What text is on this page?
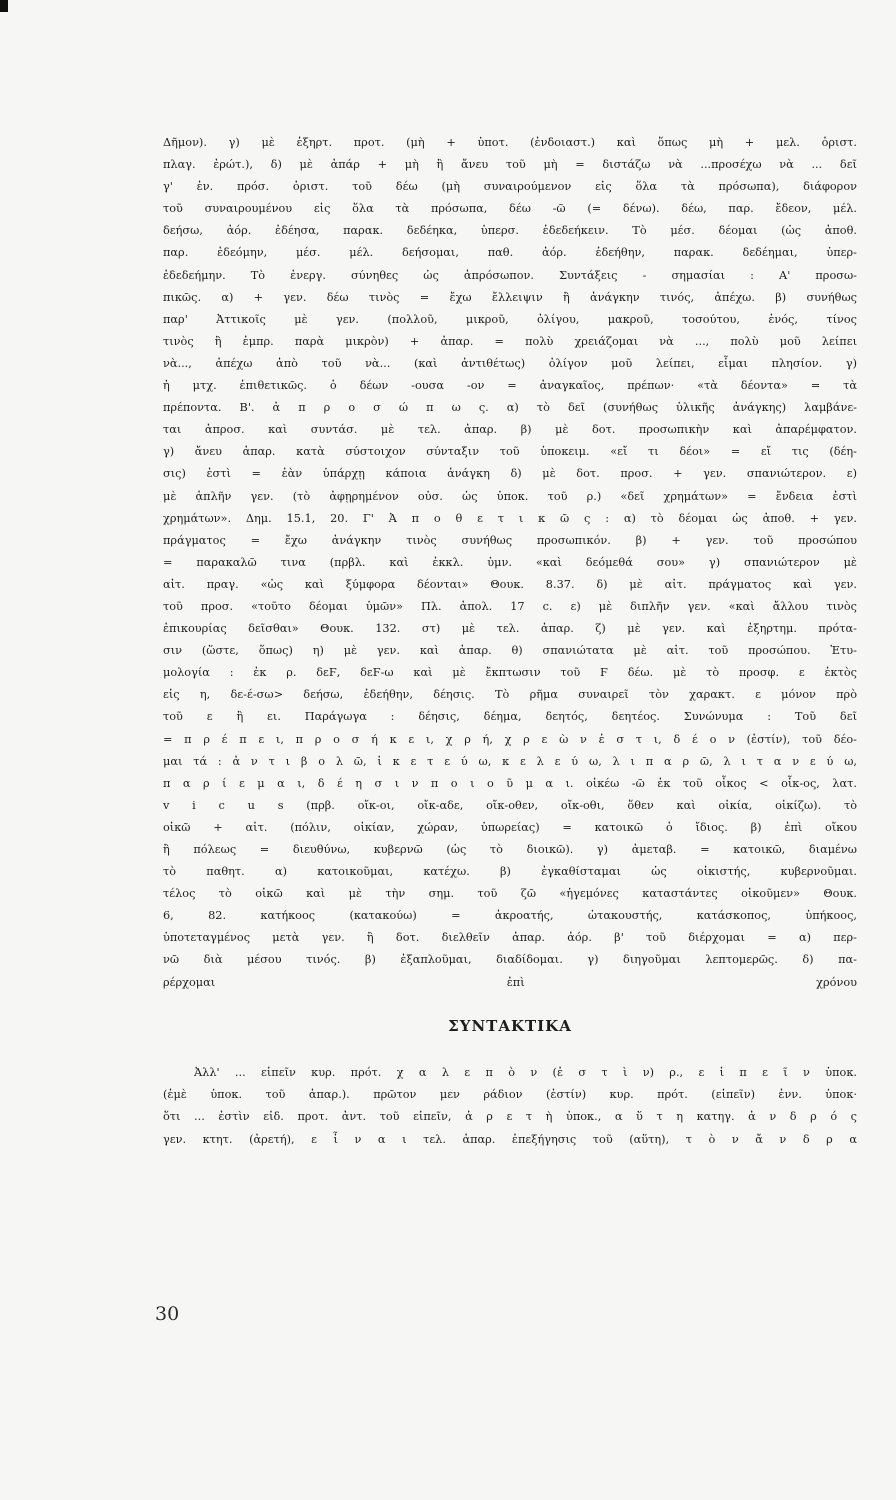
Δῆμον). γ) μὲ ἐξηρτ. προτ. (μὴ + ὑποτ. (ἐνδοιαστ.) καὶ ὅπως μὴ + μελ. ὁριστ.

πλαγ. ἐρώτ.), δ) μὲ ἀπάρ + μὴ ἢ ἄνευ τοῦ μὴ = διστάζω νὰ ...προσέχω νὰ ... δεῖ

γ' ἑν. πρόσ. ὁριστ. τοῦ δέω (μὴ συναιρούμενον εἰς ὅλα τὰ πρόσωπα), διάφορον

τοῦ συναιρουμένου εἰς ὅλα τὰ πρόσωπα, δέω -ῶ (= δένω). δέω, παρ. ἔδεον, μέλ.

δεήσω, ἀόρ. ἐδέησα, παρακ. δεδέηκα, ὑπερσ. ἐδεδεήκειν. Τὸ μέσ. δέομαι (ὡς ἀποθ.

παρ. ἐδεόμην, μέσ. μέλ. δεήσομαι, παθ. ἀόρ. ἐδεήθην, παρακ. δεδέημαι, ὑπερ-

ἐδεδεήμην. Τὸ ἐνεργ. σύνηθες ὡς ἀπρόσωπον. Συντάξεις - σημασίαι : Α' προσω-

πικῶς. α) + γεν. δέω τινὸς = ἔχω ἔλλειψιν ἢ ἀνάγκην τινός, ἀπέχω. β) συνήθως

παρ' Ἀττικοῖς μὲ γεν. (πολλοῦ, μικροῦ, ὀλίγου, μακροῦ, τοσούτου, ἑνός, τίνος

τινὸς ἢ ἐμπρ. παρὰ μικρὸν) + ἀπαρ. = πολὺ χρειάζομαι νὰ ..., πολὺ μοῦ λείπει

νὰ..., ἀπέχω ἀπὸ τοῦ νὰ... (καὶ ἀντιθέτως) ὀλίγον μοῦ λείπει, εἶμαι πλησίον. γ)

ἡ μτχ. ἐπιθετικῶς. ὁ δέων -ουσα -ον = ἀναγκαῖος, πρέπων· «τὰ δέοντα» = τὰ

πρέποντα. Β'. ἀ π ρ ο σ ώ π ω ς. α) τὸ δεῖ (συνήθως ὑλικῆς ἀνάγκης) λαμβάνε-

ται ἀπροσ. καὶ συντάσ. μὲ τελ. ἀπαρ. β) μὲ δοτ. προσωπικὴν καὶ ἀπαρέμφατον.

γ) ἄνευ ἀπαρ. κατὰ σύστοιχον σύνταξιν τοῦ ὑποκειμ. «εἴ τι δέοι» = εἴ τις (δέη-

σις) ἐστὶ = ἐὰν ὑπάρχῃ κάποια ἀνάγκη δ) μὲ δοτ. προσ. + γεν. σπανιώτερον. ε)

μὲ ἁπλῆν γεν. (τὸ ἀφῃρημένον οὐσ. ὡς ὑποκ. τοῦ ρ.) «δεῖ χρημάτων» = ἔνδεια ἐστὶ

χρημάτων». Δημ. 15.1, 20. Γ' Ἀ π ο θ ε τ ι κ ῶ ς : α) τὸ δέομαι ὡς ἀποθ. + γεν.

πράγματος = ἔχω ἀνάγκην τινὸς συνήθως προσωπικόν. β) + γεν. τοῦ προσώπου

= παρακαλῶ τινα (πρβλ. καὶ ἐκκλ. ὑμν. «καὶ δεόμεθά σου» γ) σπανιώτερον μὲ

αἰτ. πραγ. «ὡς καὶ ξύμφορα δέονται» Θουκ. 8.37. δ) μὲ αἰτ. πράγματος καὶ γεν.

τοῦ προσ. «τοῦτο δέομαι ὑμῶν» Πλ. ἀπολ. 17 c. ε) μὲ διπλῆν γεν. «καὶ ἄλλου τινὸς

ἐπικουρίας δεῖσθαι» Θουκ. 132. στ) μὲ τελ. ἀπαρ. ζ) μὲ γεν. καὶ ἐξηρτημ. πρότα-

σιν (ὥστε, ὅπως) η) μὲ γεν. καὶ ἀπαρ. θ) σπανιώτατα μὲ αἰτ. τοῦ προσώπου. Ἐτυ-

μολογία : ἐκ ρ. δεϜ, δεϜ-ω καὶ μὲ ἔκπτωσιν τοῦ Ϝ δέω. μὲ τὸ προσφ. ε ἐκτὸς

εἰς η, δε-έ-σω> δεήσω, ἐδεήθην, δέησις. Τὸ ρῆμα συναιρεῖ τὸν χαρακτ. ε μόνον πρὸ

τοῦ ε ἢ ει. Παράγωγα : δέησις, δέημα, δεητός, δεητέος. Συνώνυμα : Τοῦ δεῖ

= π ρ έ π ε ι, π ρ ο σ ή κ ε ι, χ ρ ή, χ ρ ε ὼ ν ἐ σ τ ι, δ έ ο ν (ἐστίν), τοῦ δέο-

μαι τά : ἀ ν τ ι β ο λ ῶ, ἱ κ ε τ ε ύ ω, κ ε λ ε ύ ω, λ ι π α ρ ῶ, λ ι τ α ν ε ύ ω,

π α ρ ί ε μ α ι, δ έ η σ ι ν π ο ι ο ῦ μ α ι. οἰκέω -ῶ ἐκ τοῦ οἶκος < οἶκ-ος, λατ.

v i c u s (πρβ. οἴκ-οι, οἴκ-αδε, οἴκ-οθεν, οἴκ-οθι, ὅθεν καὶ οἰκία, οἰκίζω). τὸ

οἰκῶ + αἰτ. (πόλιν, οἰκίαν, χώραν, ὑπωρείας) = κατοικῶ ὁ ἴδιος. β) ἐπὶ οἴκου

ἢ πόλεως = διευθύνω, κυβερνῶ (ὡς τὸ διοικῶ). γ) ἀμεταβ. = κατοικῶ, διαμένω

τὸ παθητ. α) κατοικοῦμαι, κατέχω. β) ἐγκαθίσταμαι ὡς οἰκιστής, κυβερνοῦμαι.

τέλος τὸ οἰκῶ καὶ μὲ τὴν σημ. τοῦ ζῶ «ἡγεμόνες καταστάντες οἰκοῦμεν» Θουκ.

6, 82. κατήκοος (κατακούω) = ἀκροατής, ὠτακουστής, κατάσκοπος, ὑπήκοος,

ὑποτεταγμένος μετὰ γεν. ἢ δοτ. διελθεῖν ἀπαρ. ἀόρ. β' τοῦ διέρχομαι = α) περ-

νῶ διὰ μέσου τινός. β) ἐξαπλοῦμαι, διαδίδομαι. γ) διηγοῦμαι λεπτομερῶς. δ) πα-

ρέρχομαι ἐπὶ χρόνου

ΣΥΝΤΑΚΤΙΚΑ

Ἀλλ' ... εἰπεῖν κυρ. πρότ. χ α λ ε π ὸ ν (ἐ σ τ ὶ ν) ρ., ε ἰ π ε ῖ ν ὑποκ.

(ἐμὲ ὑποκ. τοῦ ἀπαρ.). πρῶτον μεν ράδιον (ἐστίν) κυρ. πρότ. (εἰπεῖν) ἐνν. ὑποκ·

ὅτι ... ἐστὶν εἰδ. προτ. ἀντ. τοῦ εἰπεῖν, ἀ ρ ε τ ὴ ὑποκ., α ὕ τ η κατηγ. ἀ ν δ ρ ό ς

γεν. κτητ. (ἀρετή), ε ἶ ν α ι τελ. ἀπαρ. ἐπεξήγησις τοῦ (αὕτη), τ ὸ ν ἄ ν δ ρ α

30
